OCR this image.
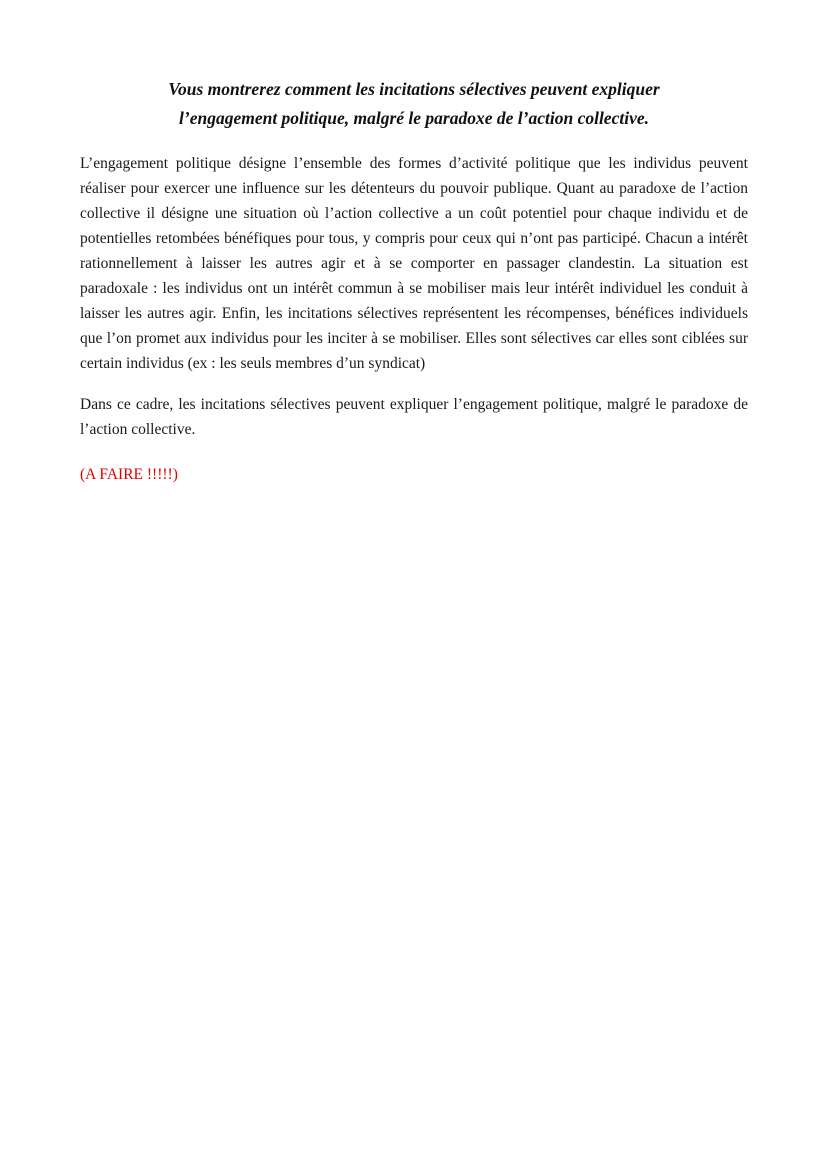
Vous montrerez comment les incitations sélectives peuvent expliquer
l’engagement politique, malgré le paradoxe de l’action collective.

L’engagement politique désigne l’ensemble des formes d’activité politique que les individus peuvent réaliser pour exercer une influence sur les détenteurs du pouvoir publique. Quant au paradoxe de l’action collective il désigne une situation où l’action collective a un coût potentiel pour chaque individu et de potentielles retombées bénéfiques pour tous, y compris pour ceux qui n’ont pas participé. Chacun a intérêt rationnellement à laisser les autres agir et à se comporter en passager clandestin. La situation est paradoxale : les individus ont un intérêt commun à se mobiliser mais leur intérêt individuel les conduit à laisser les autres agir. Enfin, les incitations sélectives représentent les récompenses, bénéfices individuels que l’on promet aux individus pour les inciter à se mobiliser. Elles sont sélectives car elles sont ciblées sur certain individus (ex : les seuls membres d’un syndicat)

Dans ce cadre, les incitations sélectives peuvent expliquer l’engagement politique, malgré le paradoxe de l’action collective.

(A FAIRE !!!!!)
